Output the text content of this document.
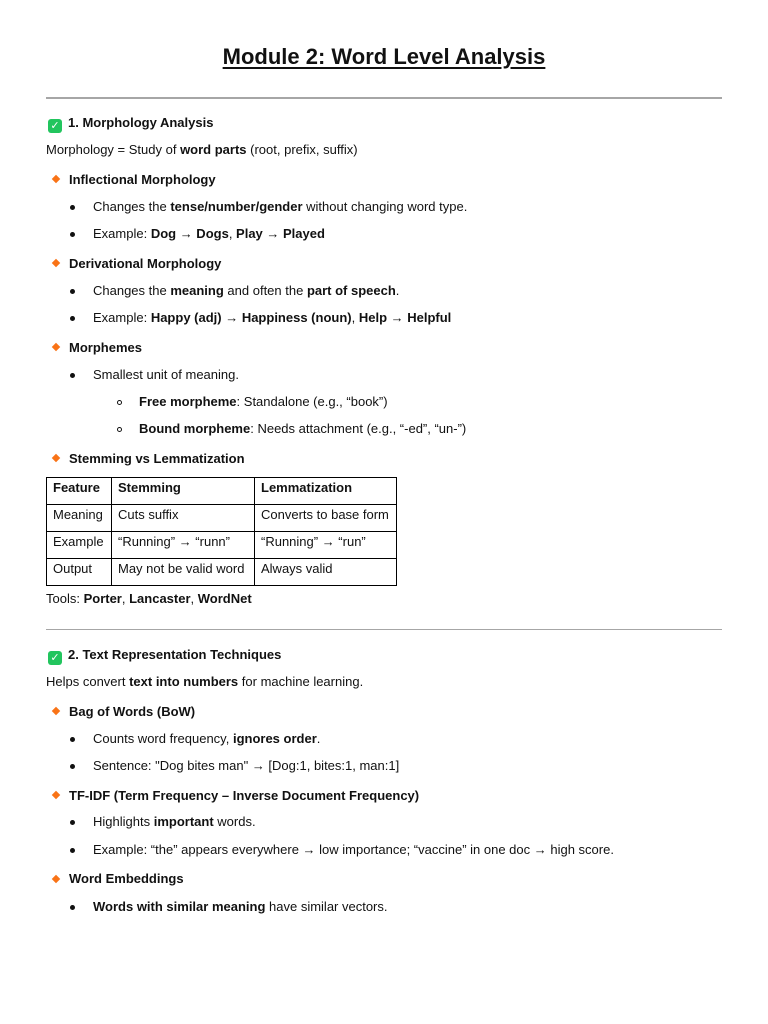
Module 2: Word Level Analysis
✓ 1. Morphology Analysis
Morphology = Study of word parts (root, prefix, suffix)
Inflectional Morphology
Changes the tense/number/gender without changing word type.
Example: Dog → Dogs, Play → Played
Derivational Morphology
Changes the meaning and often the part of speech.
Example: Happy (adj) → Happiness (noun), Help → Helpful
Morphemes
Smallest unit of meaning.
Free morpheme: Standalone (e.g., “book”)
Bound morpheme: Needs attachment (e.g., “-ed”, “un-”)
Stemming vs Lemmatization
Feature	Stemming	Lemmatization
Meaning	Cuts suffix	Converts to base form
Example	“Running” → “runn”	“Running” → “run”
Output	May not be valid word	Always valid
Tools: Porter, Lancaster, WordNet
✓ 2. Text Representation Techniques
Helps convert text into numbers for machine learning.
Bag of Words (BoW)
Counts word frequency, ignores order.
Sentence: "Dog bites man" → [Dog:1, bites:1, man:1]
TF-IDF (Term Frequency – Inverse Document Frequency)
Highlights important words.
Example: “the” appears everywhere → low importance; “vaccine” in one doc → high score.
Word Embeddings
Words with similar meaning have similar vectors.
